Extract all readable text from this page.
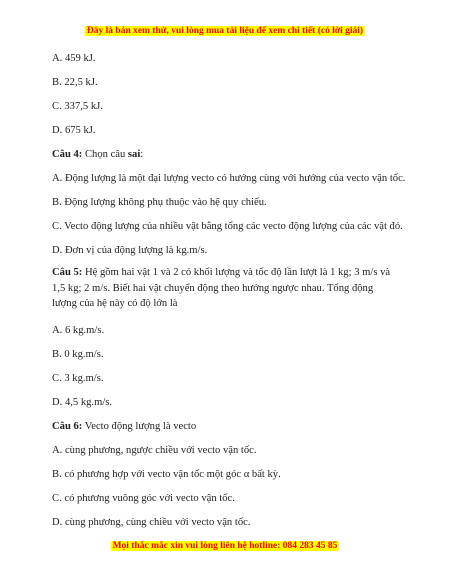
Đây là bản xem thử, vui lòng mua tài liệu để xem chi tiết (có lời giải)
A. 459 kJ.
B. 22,5 kJ.
C. 337,5 kJ.
D. 675 kJ.
Câu 4: Chọn câu sai:
A. Động lượng là một đại lượng vecto có hướng cùng với hướng của vecto vận tốc.
B. Động lượng không phụ thuộc vào hệ quy chiếu.
C. Vecto động lượng của nhiều vật bằng tổng các vecto động lượng của các vật đó.
D. Đơn vị của động lượng là kg.m/s.
Câu 5: Hệ gồm hai vật 1 và 2 có khối lượng và tốc độ lần lượt là 1 kg; 3 m/s và 1,5 kg; 2 m/s. Biết hai vật chuyển động theo hướng ngược nhau. Tổng động lượng của hệ này có độ lớn là
A. 6 kg.m/s.
B. 0 kg.m/s.
C. 3 kg.m/s.
D. 4,5 kg.m/s.
Câu 6: Vecto động lượng là vecto
A. cùng phương, ngược chiều với vecto vận tốc.
B. có phương hợp với vecto vận tốc một góc α bất kỳ.
C. có phương vuông góc với vecto vận tốc.
D. cùng phương, cùng chiều với vecto vận tốc.
Mọi thắc mắc xin vui lòng liên hệ hotline: 084 283 45 85
